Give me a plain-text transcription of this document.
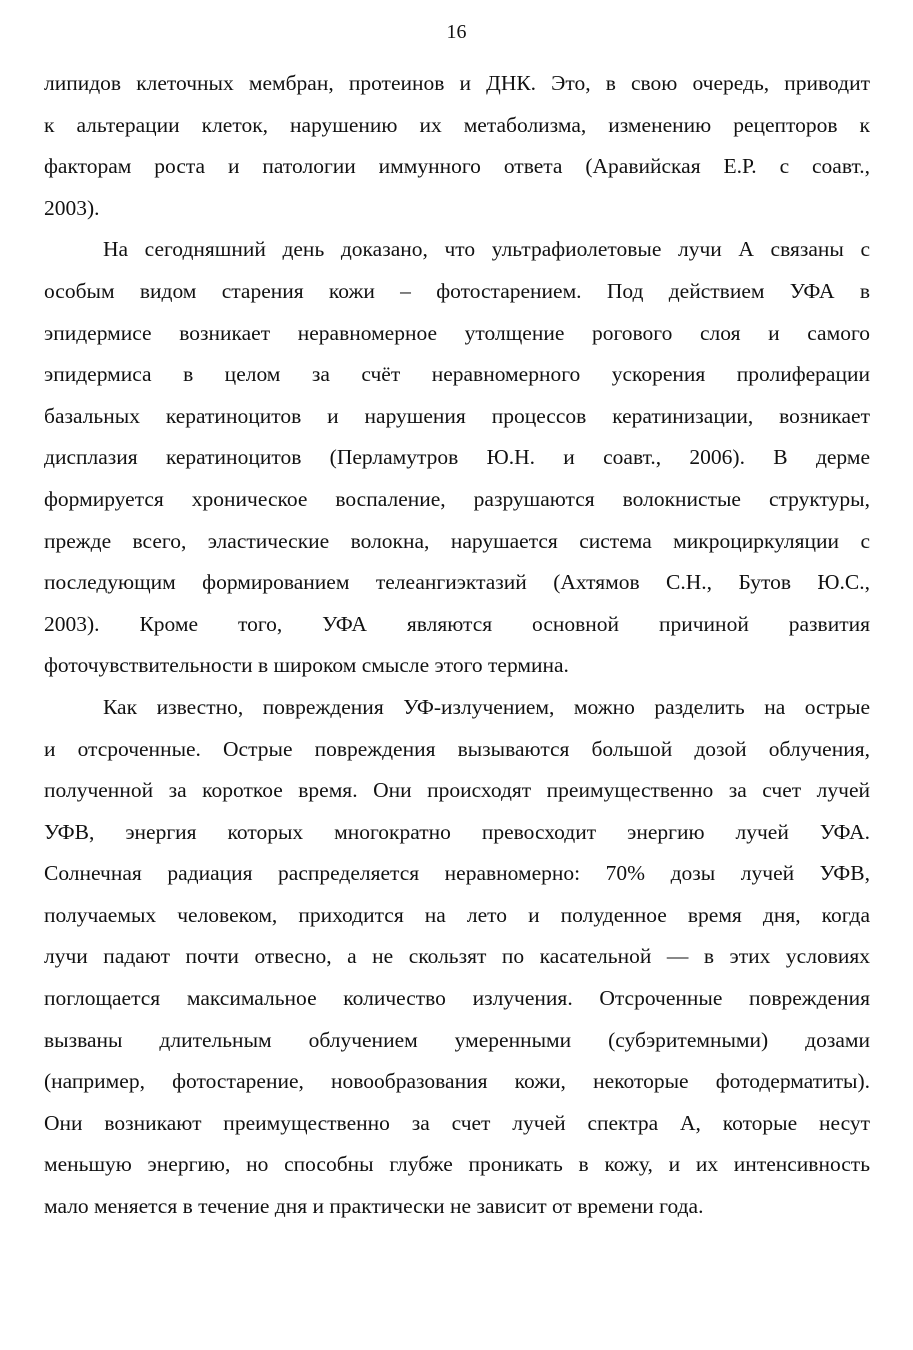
16
липидов клеточных мембран, протеинов и ДНК. Это, в свою очередь, приводит
к альтерации клеток, нарушению их метаболизма, изменению рецепторов к
факторам роста и патологии иммунного ответа (Аравийская Е.Р. с соавт.,
2003).
На сегодняшний день доказано, что ультрафиолетовые лучи А связаны с
особым видом старения кожи – фотостарением. Под действием УФА в
эпидермисе возникает неравномерное утолщение рогового слоя и самого
эпидермиса в целом за счёт неравномерного ускорения пролиферации
базальных кератиноцитов и нарушения процессов кератинизации, возникает
дисплазия кератиноцитов (Перламутров Ю.Н. и соавт., 2006). В дерме
формируется хроническое воспаление, разрушаются волокнистые структуры,
прежде всего, эластические волокна, нарушается система микроциркуляции с
последующим формированием телеангиэктазий (Ахтямов С.Н., Бутов Ю.С.,
2003). Кроме того, УФА являются основной причиной развития
фоточувствительности в широком смысле этого термина.
Как известно, повреждения УФ-излучением, можно разделить на острые
и отсроченные. Острые повреждения вызываются большой дозой облучения,
полученной за короткое время. Они происходят преимущественно за счет лучей
УФВ, энергия которых многократно превосходит энергию лучей УФА.
Солнечная радиация распределяется неравномерно: 70% дозы лучей УФВ,
получаемых человеком, приходится на лето и полуденное время дня, когда
лучи падают почти отвесно, а не скользят по касательной — в этих условиях
поглощается максимальное количество излучения. Отсроченные повреждения
вызваны длительным облучением умеренными (субэритемными) дозами
(например, фотостарение, новообразования кожи, некоторые фотодерматиты).
Они возникают преимущественно за счет лучей спектра А, которые несут
меньшую энергию, но способны глубже проникать в кожу, и их интенсивность
мало меняется в течение дня и практически не зависит от времени года.
